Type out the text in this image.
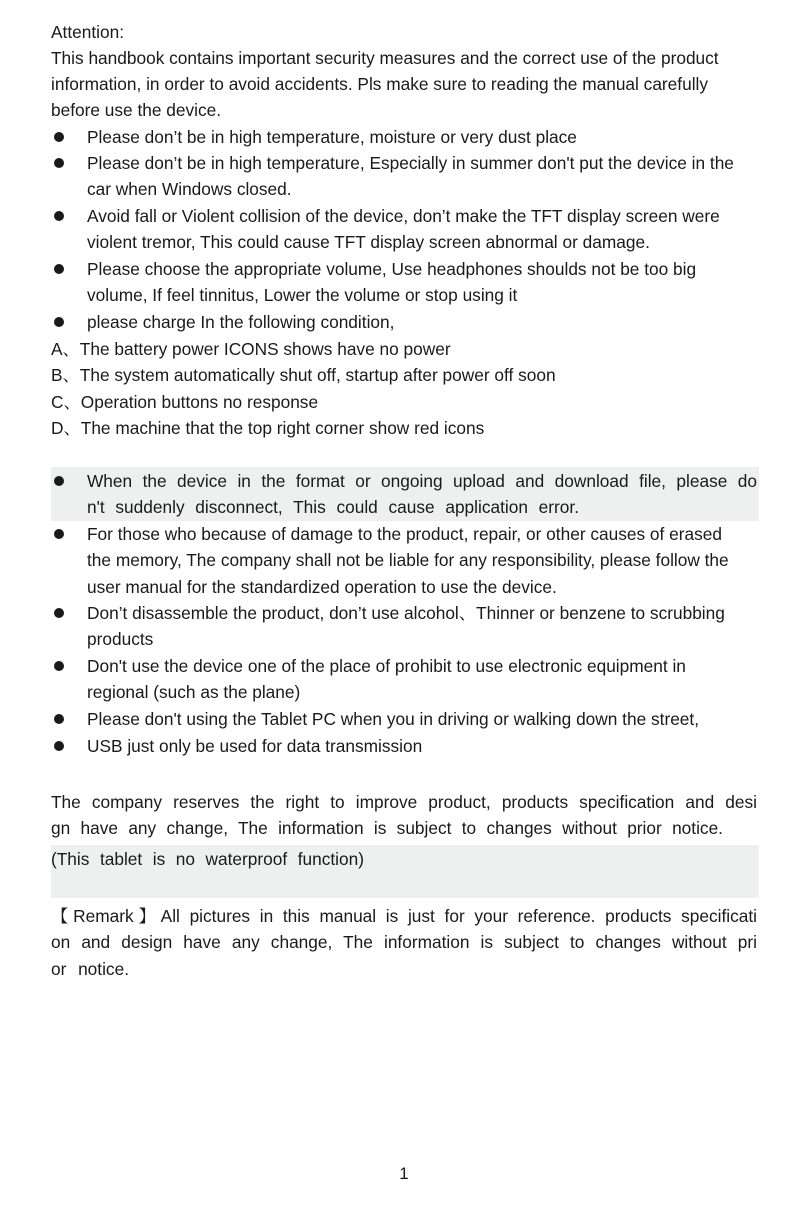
Attention:
This handbook contains important security measures and the correct use of the product
information, in order to avoid accidents. Pls make sure to reading the manual carefully
before use the device.
Please don’t be in high temperature, moisture or very dust place
Please don’t be in high temperature, Especially in summer don't put the device in the
car when Windows closed.
Avoid fall or Violent collision of the device, don’t make the TFT display screen were
violent tremor, This could cause TFT display screen abnormal or damage.
Please choose the appropriate volume, Use headphones shoulds not be too big
volume, If feel tinnitus, Lower the volume or stop using it
please charge In the following condition,
A、The battery power ICONS shows have no power
B、The system automatically shut off, startup after power off soon
C、Operation buttons no response
D、The machine that the top right corner show red icons
When the device in the format or ongoing upload and download file, please do
n't suddenly disconnect, This could cause application error.
For those who because of damage to the product, repair, or other causes of erased
the memory, The company shall not be liable for any responsibility, please follow the
user manual for the standardized operation to use the device.
Don’t disassemble the product, don’t use alcohol、Thinner or benzene to scrubbing
products
Don't use the device one of the place of prohibit to use electronic equipment in
regional (such as the plane)
Please don't using the Tablet PC when you in driving or walking down the street,
USB just only be used for data transmission
The company reserves the right to improve product, products specification and desi
gn have any change, The information is subject to changes without prior notice.
(This tablet is no waterproof function)
【Remark】All pictures in this manual is just for your reference. products specificati
on and design have any change, The information is subject to changes without pri
or notice.
1
